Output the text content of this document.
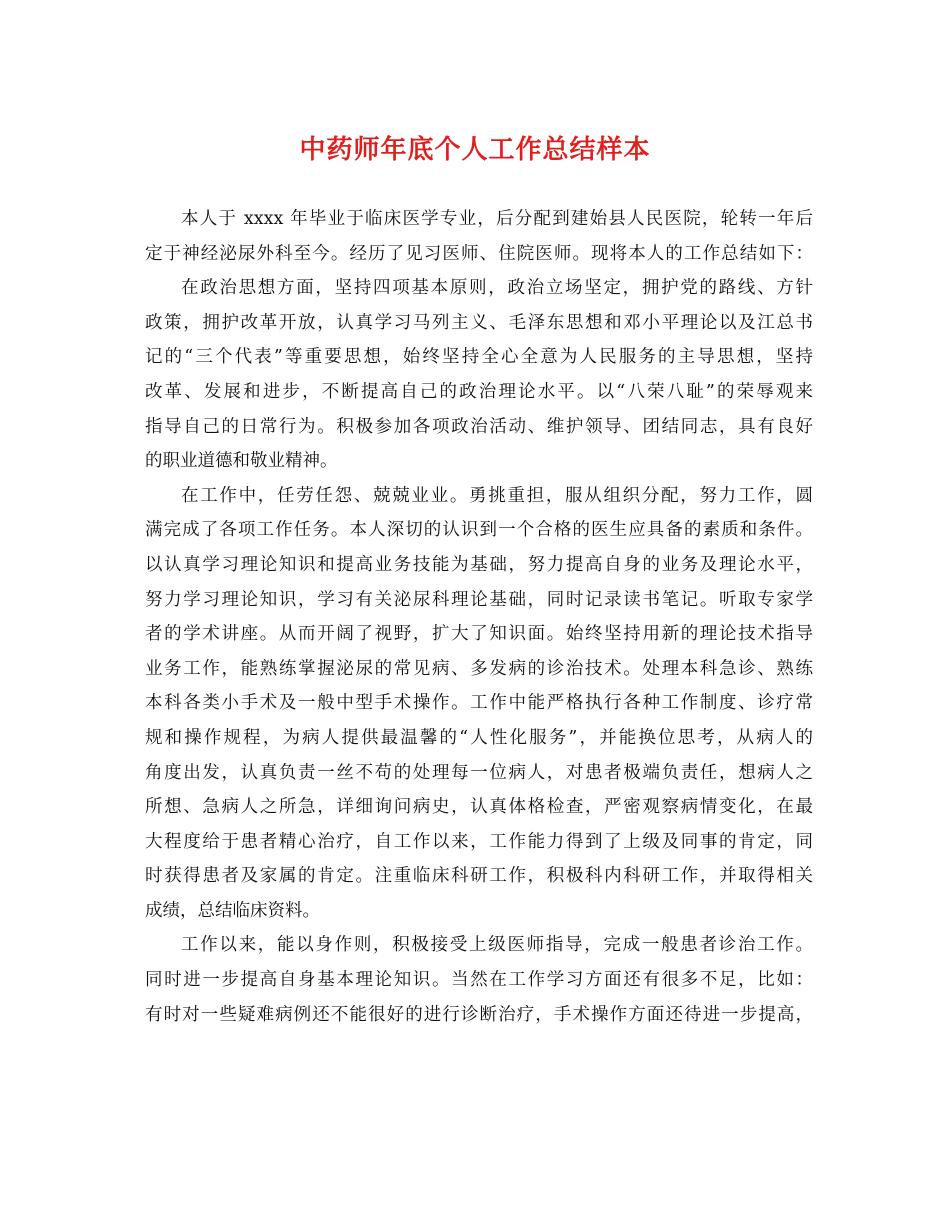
中药师年底个人工作总结样本
本人于 xxxx 年毕业于临床医学专业，后分配到建始县人民医院，轮转一年后
定于神经泌尿外科至今。经历了见习医师、住院医师。现将本人的工作总结如下：
在政治思想方面，坚持四项基本原则，政治立场坚定，拥护党的路线、方针
政策，拥护改革开放，认真学习马列主义、毛泽东思想和邓小平理论以及江总书
记的“三个代表”等重要思想，始终坚持全心全意为人民服务的主导思想，坚持
改革、发展和进步，不断提高自己的政治理论水平。以“八荣八耻”的荣辱观来
指导自己的日常行为。积极参加各项政治活动、维护领导、团结同志，具有良好
的职业道德和敬业精神。
在工作中，任劳任怨、兢兢业业。勇挑重担，服从组织分配，努力工作，圆
满完成了各项工作任务。本人深切的认识到一个合格的医生应具备的素质和条件。
以认真学习理论知识和提高业务技能为基础，努力提高自身的业务及理论水平，
努力学习理论知识，学习有关泌尿科理论基础，同时记录读书笔记。听取专家学
者的学术讲座。从而开阔了视野，扩大了知识面。始终坚持用新的理论技术指导
业务工作，能熟练掌握泌尿的常见病、多发病的诊治技术。处理本科急诊、熟练
本科各类小手术及一般中型手术操作。工作中能严格执行各种工作制度、诊疗常
规和操作规程，为病人提供最温馨的“人性化服务”，并能换位思考，从病人的
角度出发，认真负责一丝不苟的处理每一位病人，对患者极端负责任，想病人之
所想、急病人之所急，详细询问病史，认真体格检查，严密观察病情变化，在最
大程度给于患者精心治疗，自工作以来，工作能力得到了上级及同事的肯定，同
时获得患者及家属的肯定。注重临床科研工作，积极科内科研工作，并取得相关
成绩，总结临床资料。
工作以来，能以身作则，积极接受上级医师指导，完成一般患者诊治工作。
同时进一步提高自身基本理论知识。当然在工作学习方面还有很多不足，比如：
有时对一些疑难病例还不能很好的进行诊断治疗，手术操作方面还待进一步提高，
